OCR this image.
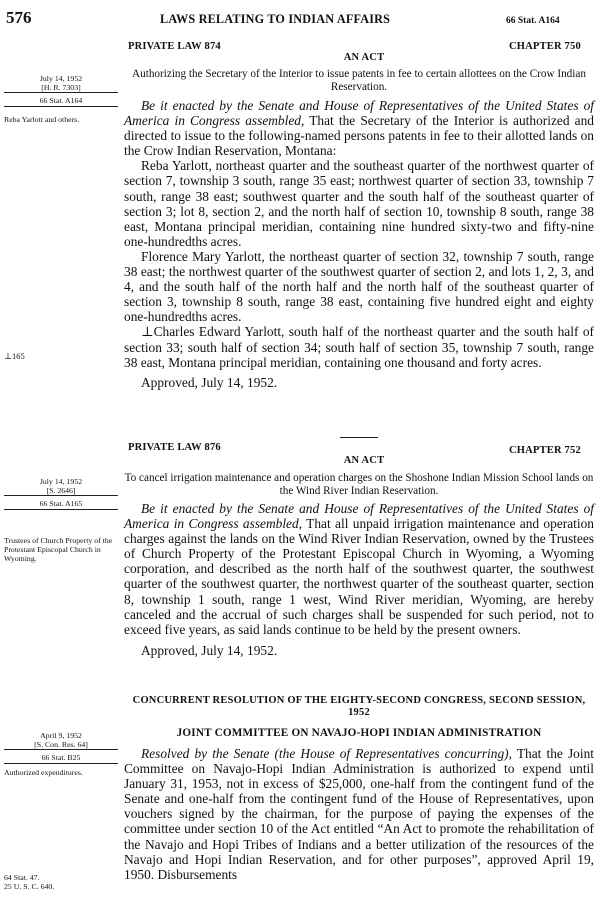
576	LAWS RELATING TO INDIAN AFFAIRS	66 Stat. A164
PRIVATE LAW 874	CHAPTER 750
AN ACT
Authorizing the Secretary of the Interior to issue patents in fee to certain allottees on the Crow Indian Reservation.
July 14, 1952
[H. R. 7303]
66 Stat. A164
Reba Yarlott and others.

Be it enacted by the Senate and House of Representatives of the United States of America in Congress assembled, That the Secretary of the Interior is authorized and directed to issue to the following-named persons patents in fee to their allotted lands on the Crow Indian Reservation, Montana:

Reba Yarlott, northeast quarter and the southeast quarter of the northwest quarter of section 7, township 3 south, range 35 east; northwest quarter of section 33, township 7 south, range 38 east; southwest quarter and the south half of the southeast quarter of section 3; lot 8, section 2, and the north half of section 10, township 8 south, range 38 east, Montana principal meridian, containing nine hundred sixty-two and fifty-nine one-hundredths acres.

Florence Mary Yarlott, the northeast quarter of section 32, township 7 south, range 38 east; the northwest quarter of the southwest quarter of section 2, and lots 1, 2, 3, and 4, and the south half of the north half and the north half of the southeast quarter of section 3, township 8 south, range 38 east, containing five hundred eight and eighty one-hundredths acres.

⊥Charles Edward Yarlott, south half of the northeast quarter and the south half of section 33; south half of section 34; south half of section 35, township 7 south, range 38 east, Montana principal meridian, containing one thousand and forty acres.

Approved, July 14, 1952.

⊥165
PRIVATE LAW 876	CHAPTER 752
AN ACT
To cancel irrigation maintenance and operation charges on the Shoshone Indian Mission School lands on the Wind River Indian Reservation.
July 14, 1952
[S. 2646]
66 Stat. A165
Trustees of Church Property of the Protestant Episcopal Church in Wyoming.

Be it enacted by the Senate and House of Representatives of the United States of America in Congress assembled, That all unpaid irrigation maintenance and operation charges against the lands on the Wind River Indian Reservation, owned by the Trustees of Church Property of the Protestant Episcopal Church in Wyoming, a Wyoming corporation, and described as the north half of the southwest quarter, the southwest quarter of the southwest quarter, the northwest quarter of the southeast quarter, section 8, township 1 south, range 1 west, Wind River meridian, Wyoming, are hereby canceled and the accrual of such charges shall be suspended for such period, not to exceed five years, as said lands continue to be held by the present owners.

Approved, July 14, 1952.

CONCURRENT RESOLUTION OF THE EIGHTY-SECOND CONGRESS, SECOND SESSION, 1952
JOINT COMMITTEE ON NAVAJO-HOPI INDIAN ADMINISTRATION
April 9, 1952
[S. Con. Res. 64]
66 Stat. B25
Authorized expenditures.
64 Stat. 47.
25 U. S. C. 640.

Resolved by the Senate (the House of Representatives concurring), That the Joint Committee on Navajo-Hopi Indian Administration is authorized to expend until January 31, 1953, not in excess of $25,000, one-half from the contingent fund of the Senate and one-half from the contingent fund of the House of Representatives, upon vouchers signed by the chairman, for the purpose of paying the expenses of the committee under section 10 of the Act entitled “An Act to promote the rehabilitation of the Navajo and Hopi Tribes of Indians and a better utilization of the resources of the Navajo and Hopi Indian Reservation, and for other purposes”, approved April 19, 1950. Disbursements
